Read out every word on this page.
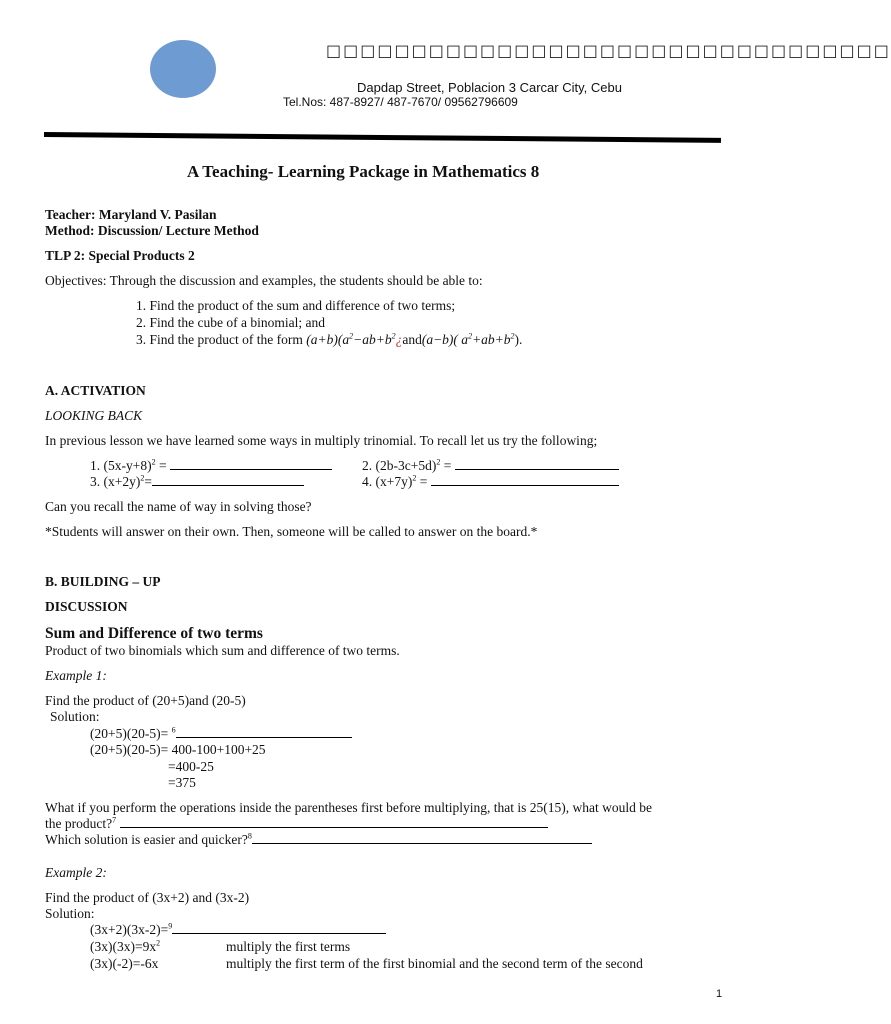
□□□□□□□□□□□□□□□□□□□□□□□□□□□□□□□□□
Dapdap Street, Poblacion 3 Carcar City, Cebu
Tel.Nos: 487-8927/ 487-7670/ 09562796609
A Teaching- Learning Package in Mathematics 8
Teacher: Maryland V. Pasilan
Method: Discussion/ Lecture Method
TLP 2: Special Products 2
Objectives: Through the discussion and examples, the students should be able to:
1. Find the product of the sum and difference of two terms;
2. Find the cube of a binomial; and
3. Find the product of the form $(a+b)(a^2-ab+b^2¿and(a-b)$( $a^2+ab+b^2$).
A. ACTIVATION
LOOKING BACK
In previous lesson we have learned some ways in multiply trinomial. To recall let us try the following;
1. $(5x-y+8)^2$ =	2. $(2b-3c+5d)^2$ =
3. $(x+2y)^2=$	4. $(x+7y)^2$ =
Can you recall the name of way in solving those?
*Students will answer on their own. Then, someone will be called to answer on the board.*
B. BUILDING – UP
DISCUSSION
Sum and Difference of two terms
Product of two binomials which sum and difference of two terms.
Example 1:
Find the product of (20+5)and (20-5)
Solution:
(20+5)(20-5)= $^6$
(20+5)(20-5)= 400-100+100+25
=400-25
=375
What if you perform the operations inside the parentheses first before multiplying, that is 25(15), what would be
the product?$^7$
Which solution is easier and quicker?$^8$
Example 2:
Find the product of (3x+2) and (3x-2)
Solution:
(3x+2)(3x-2)=$^9$
$(3x)(3x)=9x^2$	multiply the first terms
(3x)(-2)=-6x	multiply the first term of the first binomial and the second term of the second
1
